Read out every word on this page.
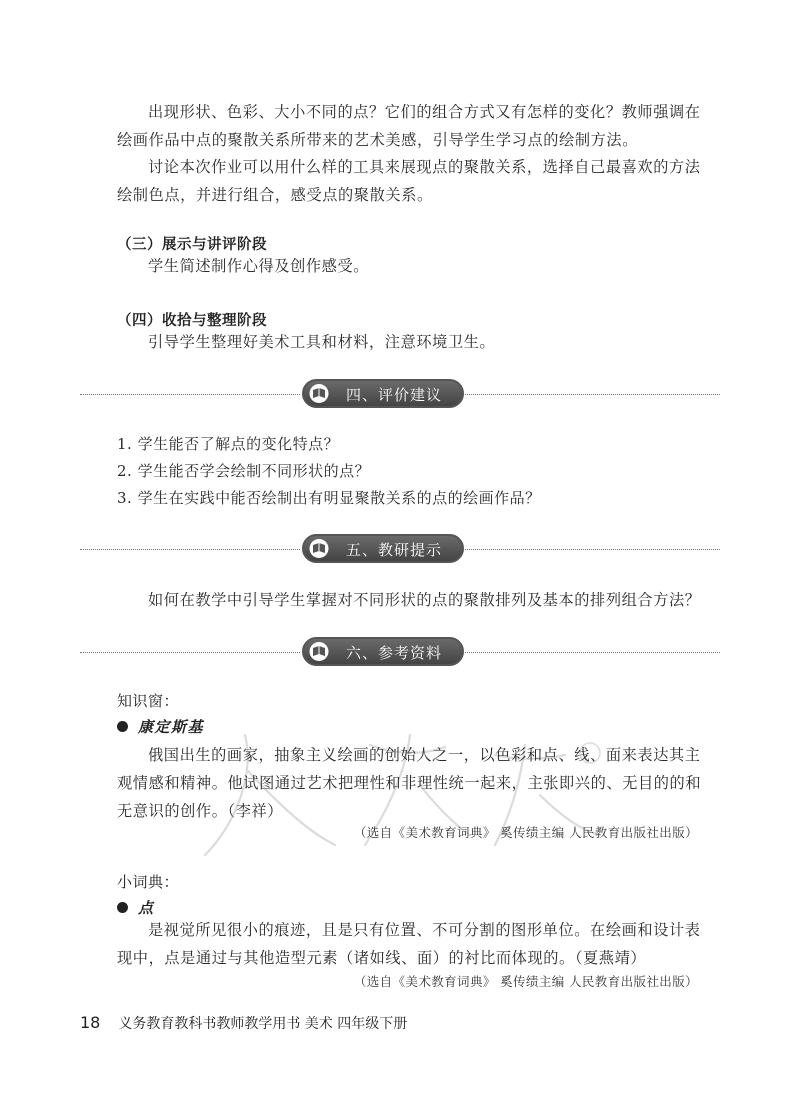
出现形状、色彩、大小不同的点？它们的组合方式又有怎样的变化？教师强调在绘画作品中点的聚散关系所带来的艺术美感，引导学生学习点的绘制方法。

讨论本次作业可以用什么样的工具来展现点的聚散关系，选择自己最喜欢的方法绘制色点，并进行组合，感受点的聚散关系。

（三）展示与讲评阶段

学生简述制作心得及创作感受。

（四）收拾与整理阶段

引导学生整理好美术工具和材料，注意环境卫生。

四、评价建议
1. 学生能否了解点的变化特点？
2. 学生能否学会绘制不同形状的点？
3. 学生在实践中能否绘制出有明显聚散关系的点的绘画作品？
五、教研提示

如何在教学中引导学生掌握对不同形状的点的聚散排列及基本的排列组合方法？

六、参考资料
知识窗：
康定斯基

俄国出生的画家，抽象主义绘画的创始人之一，以色彩和点、线、面来表达其主观情感和精神。他试图通过艺术把理性和非理性统一起来，主张即兴的、无目的的和无意识的创作。（李祥）

（选自《美术教育词典》 奚传绩主编 人民教育出版社出版）
小词典：
点

是视觉所见很小的痕迹，且是只有位置、不可分割的图形单位。在绘画和设计表现中，点是通过与其他造型元素（诸如线、面）的衬比而体现的。（夏燕靖）

（选自《美术教育词典》 奚传绩主编 人民教育出版社出版）
18 义务教育教科书教师教学用书 美术 四年级下册
